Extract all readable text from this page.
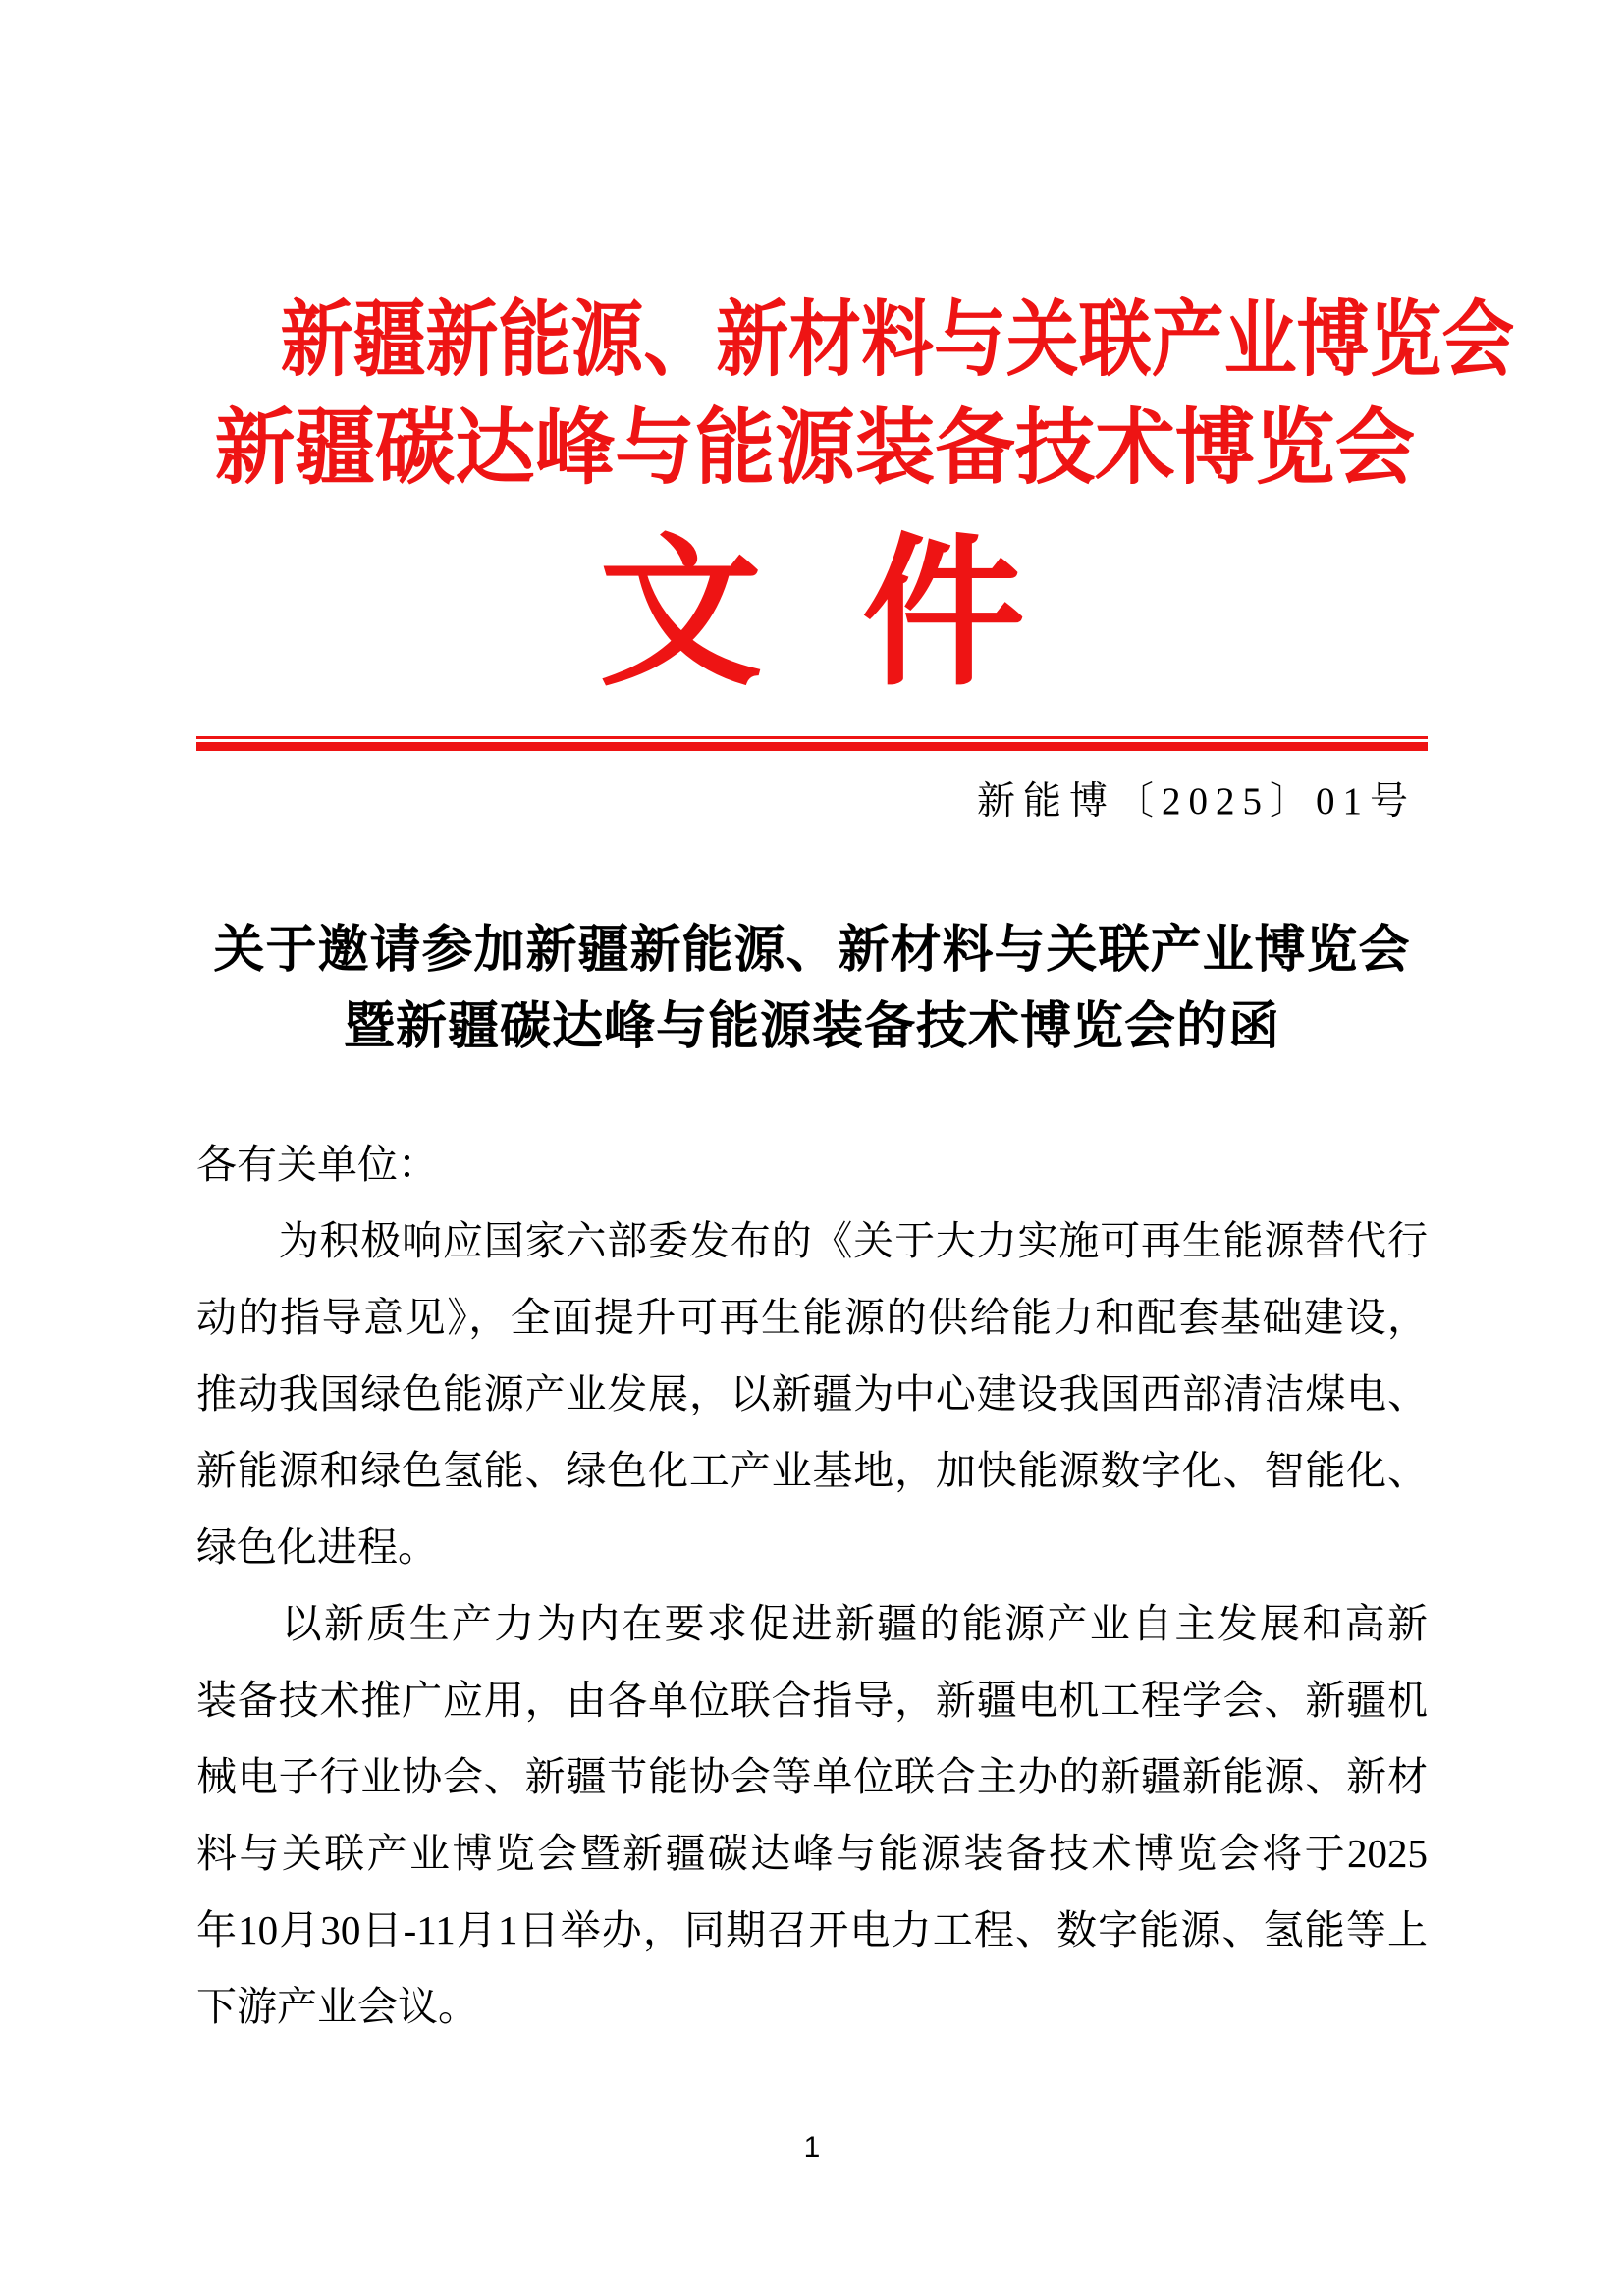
新疆新能源、新材料与关联产业博览会
新疆碳达峰与能源装备技术博览会
文 件
新能博〔2025〕01号
关于邀请参加新疆新能源、新材料与关联产业博览会
暨新疆碳达峰与能源装备技术博览会的函
各有关单位：
　　为积极响应国家六部委发布的《关于大力实施可再生能源替代行
动的指导意见》，全面提升可再生能源的供给能力和配套基础建设，
推动我国绿色能源产业发展，以新疆为中心建设我国西部清洁煤电、
新能源和绿色氢能、绿色化工产业基地，加快能源数字化、智能化、
绿色化进程。
　　以新质生产力为内在要求促进新疆的能源产业自主发展和高新
装备技术推广应用，由各单位联合指导，新疆电机工程学会、新疆机
械电子行业协会、新疆节能协会等单位联合主办的新疆新能源、新材
料与关联产业博览会暨新疆碳达峰与能源装备技术博览会将于2025
年10月30日-11月1日举办，同期召开电力工程、数字能源、氢能等上
下游产业会议。
1
